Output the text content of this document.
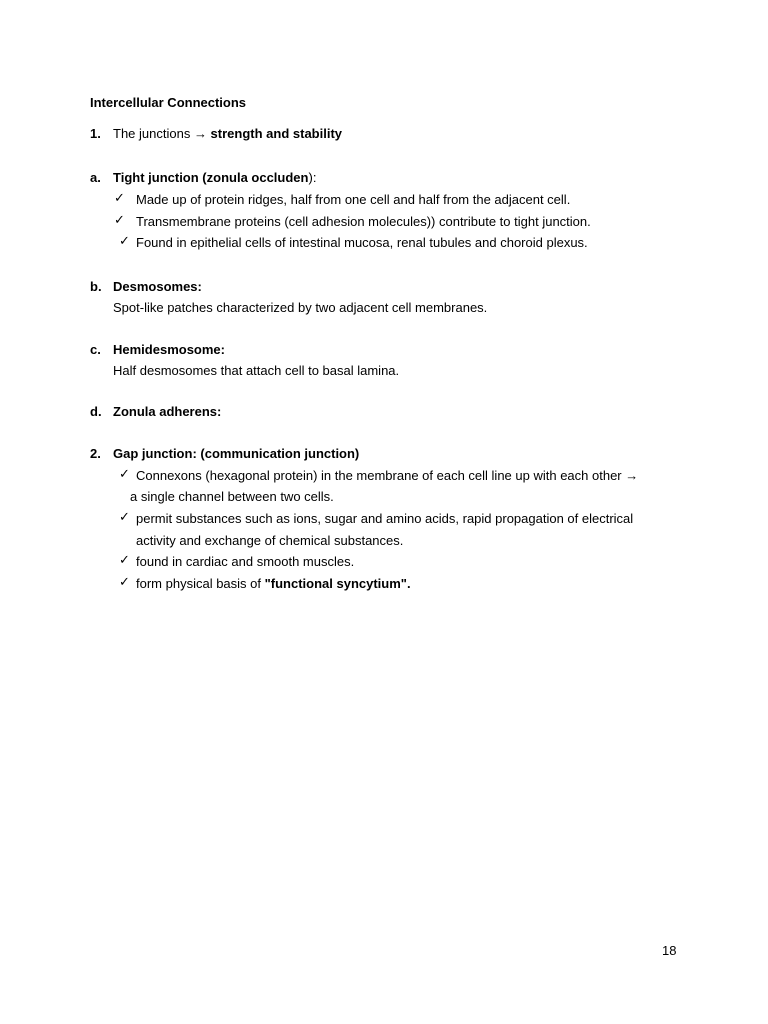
Intercellular Connections
1. The junctions → strength and stability
a. Tight junction (zonula occluden):
✓ Made up of protein ridges, half from one cell and half from the adjacent cell.
✓ Transmembrane proteins (cell adhesion molecules)) contribute to tight junction.
✓ Found in epithelial cells of intestinal mucosa, renal tubules and choroid plexus.
b. Desmosomes:
Spot-like patches characterized by two adjacent cell membranes.
c. Hemidesmosome:
Half desmosomes that attach cell to basal lamina.
d. Zonula adherens:
2. Gap junction: (communication junction)
✓ Connexons (hexagonal protein) in the membrane of each cell line up with each other →
a single channel between two cells.
✓ permit substances such as ions, sugar and amino acids, rapid propagation of electrical
activity and exchange of chemical substances.
✓ found in cardiac and smooth muscles.
✓ form physical basis of "functional syncytium".
18
